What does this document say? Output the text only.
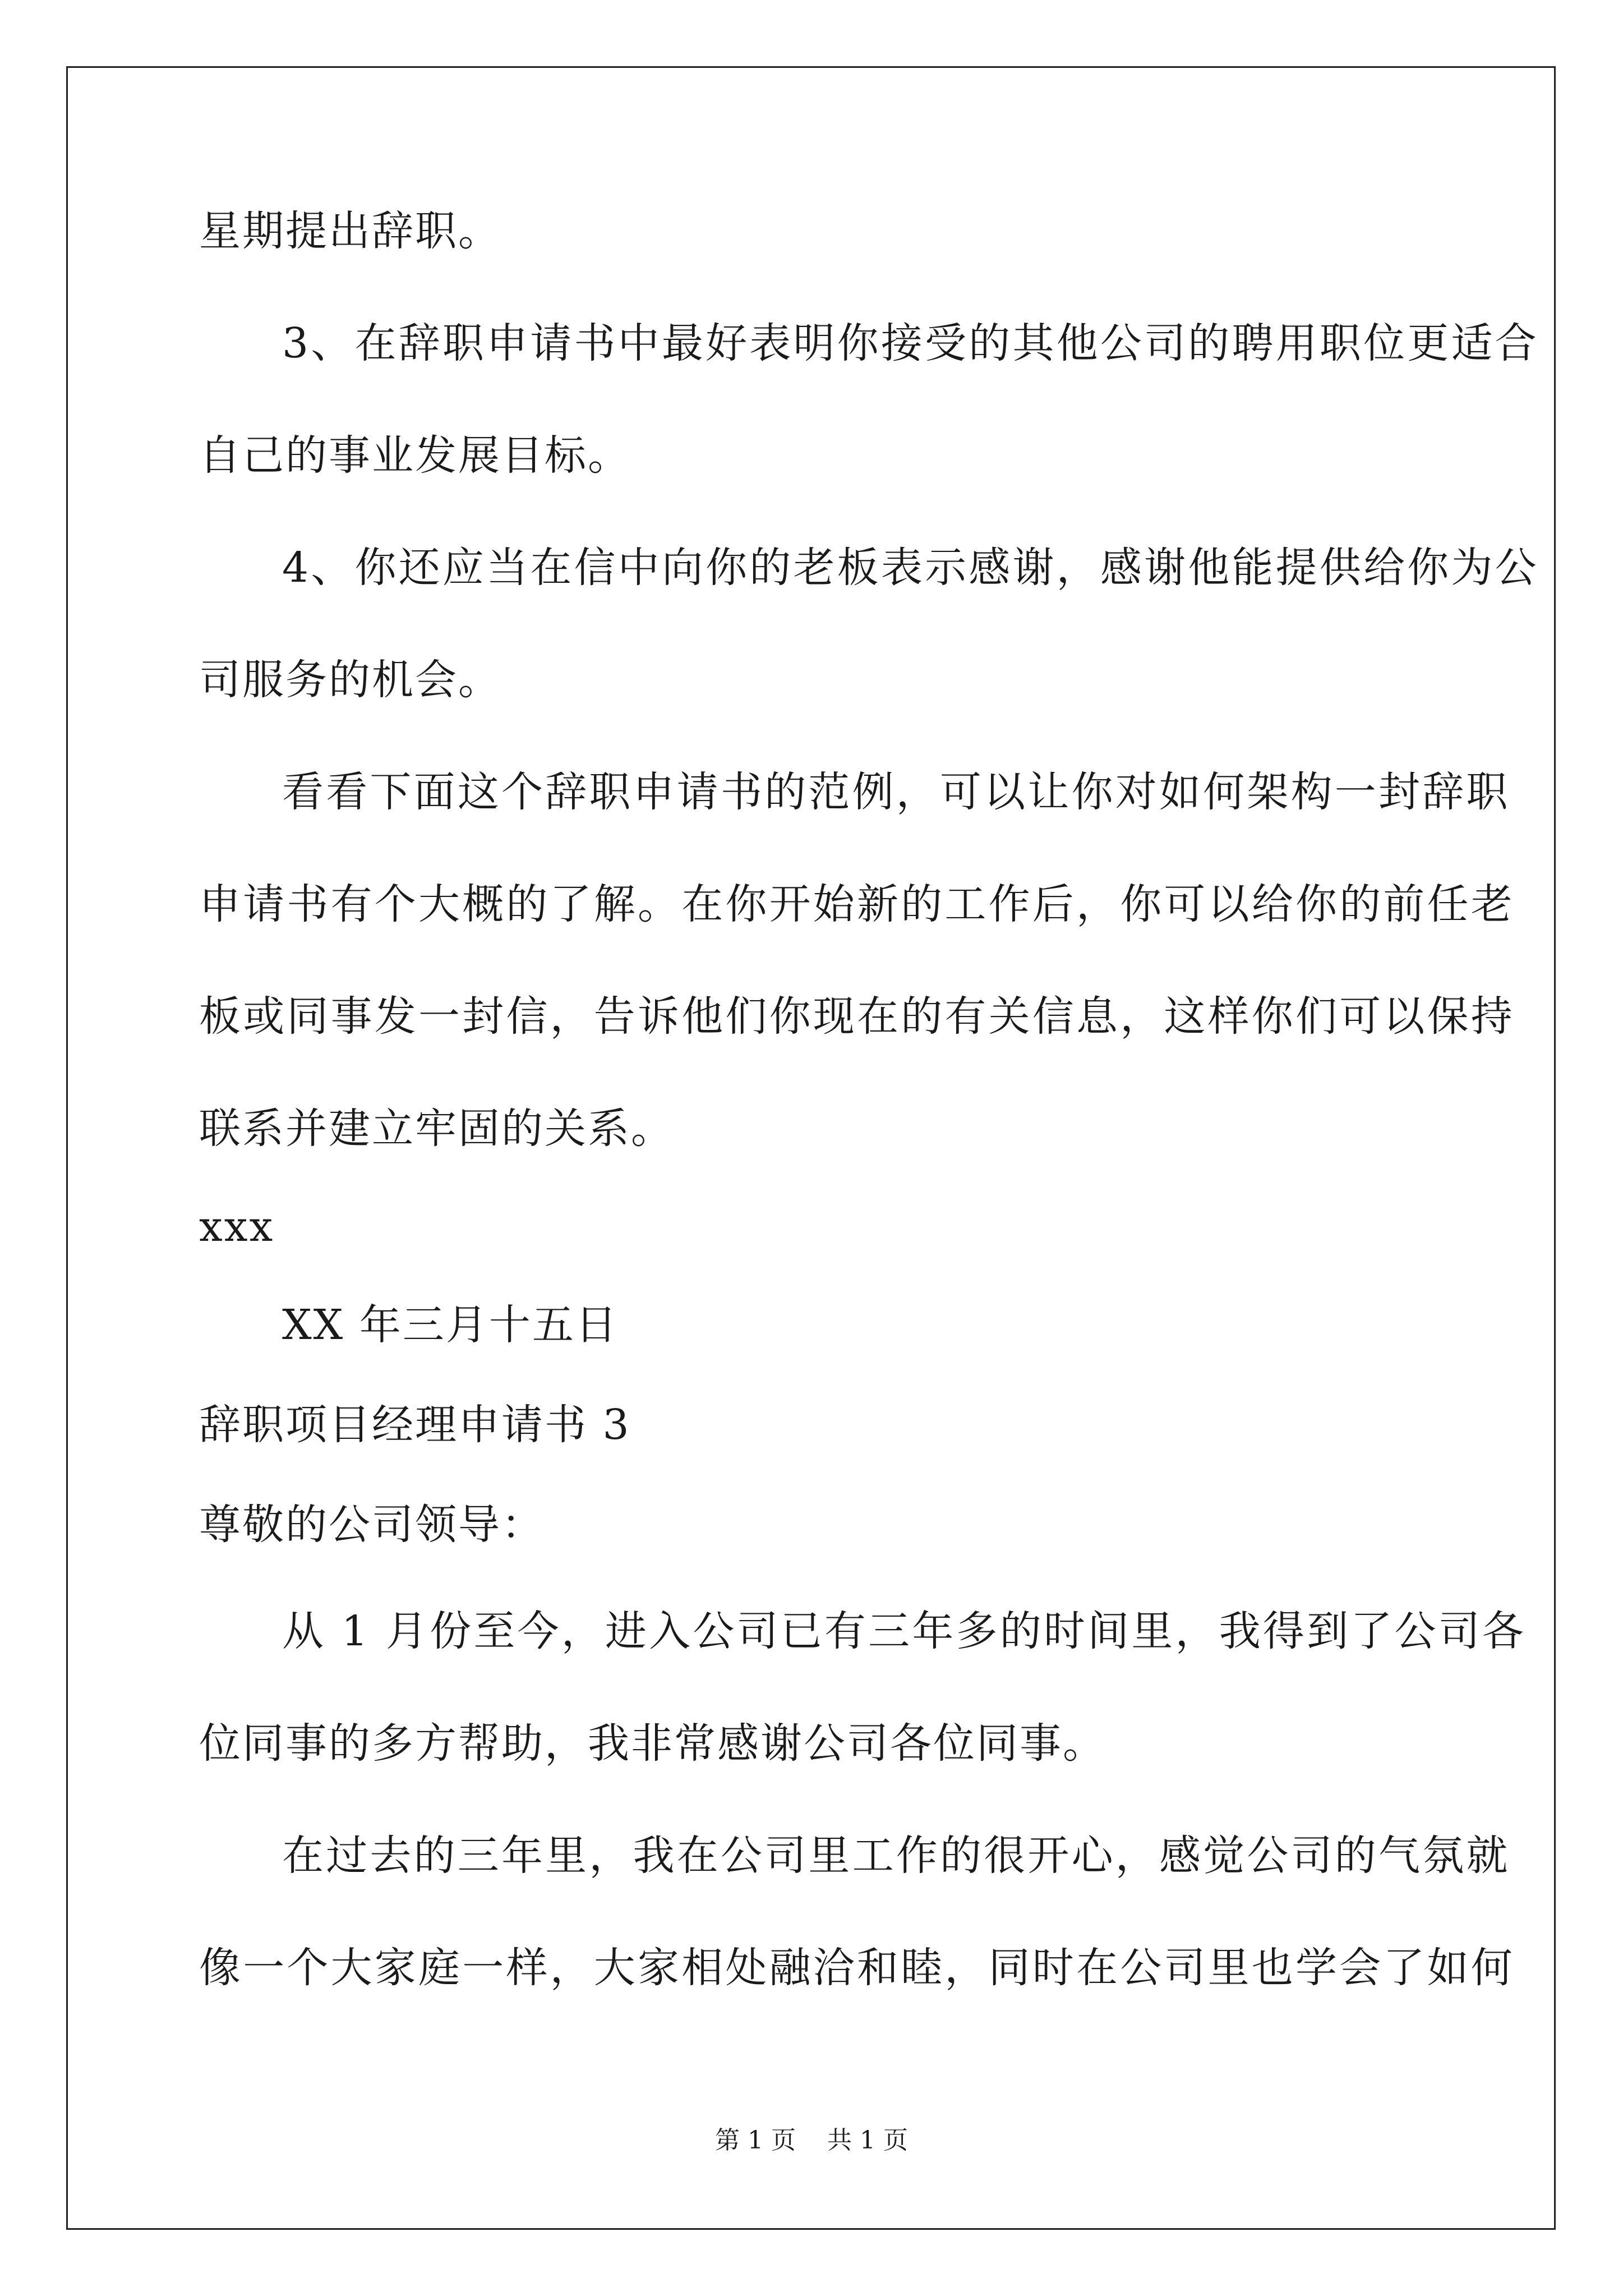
星期提出辞职。
3、在辞职申请书中最好表明你接受的其他公司的聘用职位更适合
自己的事业发展目标。
4、你还应当在信中向你的老板表示感谢，感谢他能提供给你为公
司服务的机会。
看看下面这个辞职申请书的范例，可以让你对如何架构一封辞职
申请书有个大概的了解。在你开始新的工作后，你可以给你的前任老
板或同事发一封信，告诉他们你现在的有关信息，这样你们可以保持
联系并建立牢固的关系。
xxx
XX 年三月十五日
辞职项目经理申请书 3
尊敬的公司领导：
从 1 月份至今，进入公司已有三年多的时间里，我得到了公司各
位同事的多方帮助，我非常感谢公司各位同事。
在过去的三年里，我在公司里工作的很开心，感觉公司的气氛就
像一个大家庭一样，大家相处融洽和睦，同时在公司里也学会了如何
第 1 页 共 1 页
